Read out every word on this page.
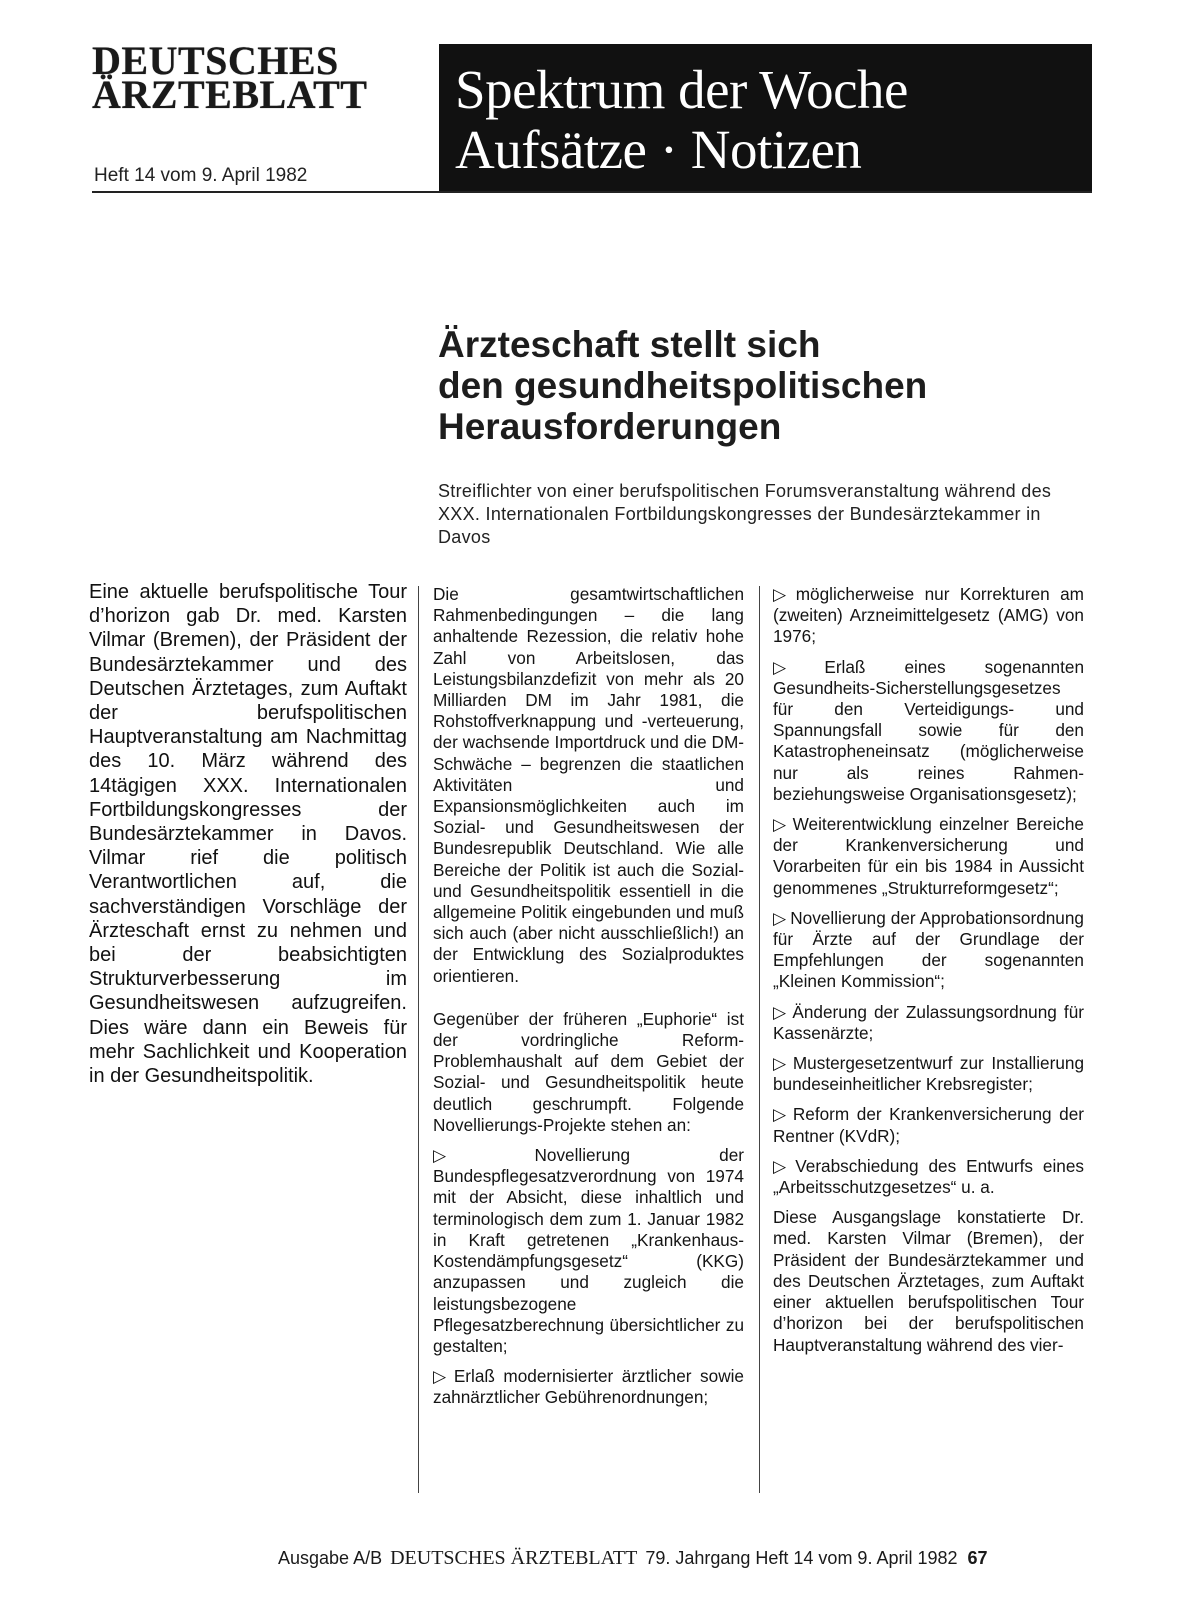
DEUTSCHES
ÄRZTEBLATT
Heft 14 vom 9. April 1982
Spektrum der Woche
Aufsätze · Notizen
Ärzteschaft stellt sich
den gesundheitspolitischen
Herausforderungen
Streiflichter von einer berufspolitischen Forumsveranstaltung während des XXX. Internationalen Fortbildungskongresses der Bundesärztekammer in Davos

Eine aktuelle berufspolitische Tour d’horizon gab Dr. med. Karsten Vilmar (Bremen), der Präsident der Bundesärztekammer und des Deutschen Ärztetages, zum Auftakt der berufspolitischen Hauptveranstaltung am Nachmittag des 10. März während des 14tägigen XXX. Internationalen Fortbildungskongresses der Bundesärztekammer in Davos. Vilmar rief die politisch Verantwortlichen auf, die sachverständigen Vorschläge der Ärzteschaft ernst zu nehmen und bei der beabsichtigten Strukturverbesserung im Gesundheitswesen aufzugreifen. Dies wäre dann ein Beweis für mehr Sachlichkeit und Kooperation in der Gesundheitspolitik.

Die gesamtwirtschaftlichen Rahmenbedingungen – die lang anhaltende Rezession, die relativ hohe Zahl von Arbeitslosen, das Leistungsbilanzdefizit von mehr als 20 Milliarden DM im Jahr 1981, die Rohstoffverknappung und -verteuerung, der wachsende Importdruck und die DM-Schwäche – begrenzen die staatlichen Aktivitäten und Expansionsmöglichkeiten auch im Sozial- und Gesundheitswesen der Bundesrepublik Deutschland. Wie alle Bereiche der Politik ist auch die Sozial- und Gesundheitspolitik essentiell in die allgemeine Politik eingebunden und muß sich auch (aber nicht ausschließlich!) an der Entwicklung des Sozialproduktes orientieren.

Gegenüber der früheren „Euphorie“ ist der vordringliche Reform-Problemhaushalt auf dem Gebiet der Sozial- und Gesundheitspolitik heute deutlich geschrumpft. Folgende Novellierungs-Projekte stehen an:

▷ Novellierung der Bundespflegesatzverordnung von 1974 mit der Absicht, diese inhaltlich und terminologisch dem zum 1. Januar 1982 in Kraft getretenen „Krankenhaus-Kostendämpfungsgesetz“ (KKG) anzupassen und zugleich die leistungsbezogene Pflegesatzberechnung übersichtlicher zu gestalten;

▷ Erlaß modernisierter ärztlicher sowie zahnärztlicher Gebührenordnungen;

▷ möglicherweise nur Korrekturen am (zweiten) Arzneimittelgesetz (AMG) von 1976;

▷ Erlaß eines sogenannten Gesundheits-Sicherstellungsgesetzes für den Verteidigungs- und Spannungsfall sowie für den Katastropheneinsatz (möglicherweise nur als reines Rahmen- beziehungsweise Organisationsgesetz);

▷ Weiterentwicklung einzelner Bereiche der Krankenversicherung und Vorarbeiten für ein bis 1984 in Aussicht genommenes „Strukturreformgesetz“;

▷ Novellierung der Approbationsordnung für Ärzte auf der Grundlage der Empfehlungen der sogenannten „Kleinen Kommission“;

▷ Änderung der Zulassungsordnung für Kassenärzte;

▷ Mustergesetzentwurf zur Installierung bundeseinheitlicher Krebsregister;

▷ Reform der Krankenversicherung der Rentner (KVdR);

▷ Verabschiedung des Entwurfs eines „Arbeitsschutzgesetzes“ u. a.

Diese Ausgangslage konstatierte Dr. med. Karsten Vilmar (Bremen), der Präsident der Bundesärztekammer und des Deutschen Ärztetages, zum Auftakt einer aktuellen berufspolitischen Tour d’horizon bei der berufspolitischen Hauptveranstaltung während des vier-

Ausgabe A/B DEUTSCHES ÄRZTEBLATT 79. Jahrgang Heft 14 vom 9. April 1982 67
